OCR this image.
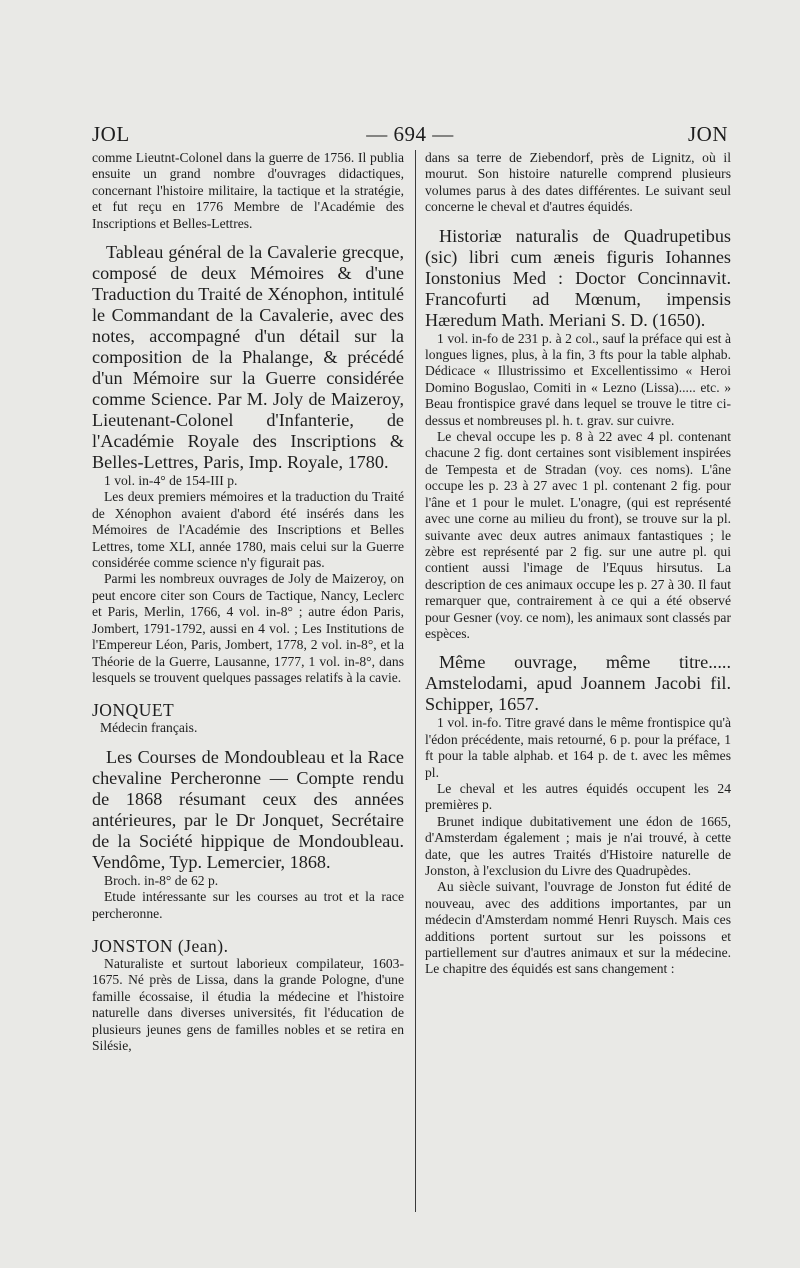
JOL	— 694 —	JON

comme Lieutnt-Colonel dans la guerre de 1756. Il publia ensuite un grand nombre d'ouvrages didactiques, concernant l'histoire militaire, la tactique et la stratégie, et fut reçu en 1776 Membre de l'Académie des Inscriptions et Belles-Lettres.

Tableau général de la Cavalerie grecque, composé de deux Mémoires & d'une Traduction du Traité de Xénophon, intitulé le Commandant de la Cavalerie, avec des notes, accompagné d'un détail sur la composition de la Phalange, & précédé d'un Mémoire sur la Guerre considérée comme Science. Par M. Joly de Maizeroy, Lieutenant-Colonel d'Infanterie, de l'Académie Royale des Inscriptions & Belles-Lettres, Paris, Imp. Royale, 1780.

1 vol. in-4° de 154-III p.

Les deux premiers mémoires et la traduction du Traité de Xénophon avaient d'abord été insérés dans les Mémoires de l'Académie des Inscriptions et Belles Lettres, tome XLI, année 1780, mais celui sur la Guerre considérée comme science n'y figurait pas.

Parmi les nombreux ouvrages de Joly de Maizeroy, on peut encore citer son Cours de Tactique, Nancy, Leclerc et Paris, Merlin, 1766, 4 vol. in-8° ; autre édon Paris, Jombert, 1791-1792, aussi en 4 vol. ; Les Institutions de l'Empereur Léon, Paris, Jombert, 1778, 2 vol. in-8°, et la Théorie de la Guerre, Lausanne, 1777, 1 vol. in-8°, dans lesquels se trouvent quelques passages relatifs à la cavie.

JONQUET

Médecin français.

Les Courses de Mondoubleau et la Race chevaline Percheronne — Compte rendu de 1868 résumant ceux des années antérieures, par le Dr Jonquet, Secrétaire de la Société hippique de Mondoubleau. Vendôme, Typ. Lemercier, 1868.

Broch. in-8° de 62 p.

Etude intéressante sur les courses au trot et la race percheronne.

JONSTON (Jean).

Naturaliste et surtout laborieux compilateur, 1603-1675. Né près de Lissa, dans la grande Pologne, d'une famille écossaise, il étudia la médecine et l'histoire naturelle dans diverses universités, fit l'éducation de plusieurs jeunes gens de familles nobles et se retira en Silésie,

dans sa terre de Ziebendorf, près de Lignitz, où il mourut. Son histoire naturelle comprend plusieurs volumes parus à des dates différentes. Le suivant seul concerne le cheval et d'autres équidés.

Historiæ naturalis de Quadrupetibus (sic) libri cum æneis figuris Iohannes Ionstonius Med : Doctor Concinnavit. Francofurti ad Mœnum, impensis Hæredum Math. Meriani S. D. (1650).

1 vol. in-fo de 231 p. à 2 col., sauf la préface qui est à longues lignes, plus, à la fin, 3 fts pour la table alphab. Dédicace « Illustrissimo et Excellentissimo « Heroi Domino Boguslao, Comiti in « Lezno (Lissa)..... etc. » Beau frontispice gravé dans lequel se trouve le titre ci-dessus et nombreuses pl. h. t. grav. sur cuivre.

Le cheval occupe les p. 8 à 22 avec 4 pl. contenant chacune 2 fig. dont certaines sont visiblement inspirées de Tempesta et de Stradan (voy. ces noms). L'âne occupe les p. 23 à 27 avec 1 pl. contenant 2 fig. pour l'âne et 1 pour le mulet. L'onagre, (qui est représenté avec une corne au milieu du front), se trouve sur la pl. suivante avec deux autres animaux fantastiques ; le zèbre est représenté par 2 fig. sur une autre pl. qui contient aussi l'image de l'Equus hirsutus. La description de ces animaux occupe les p. 27 à 30. Il faut remarquer que, contrairement à ce qui a été observé pour Gesner (voy. ce nom), les animaux sont classés par espèces.

Même ouvrage, même titre..... Amstelodami, apud Joannem Jacobi fil. Schipper, 1657.

1 vol. in-fo. Titre gravé dans le même frontispice qu'à l'édon précédente, mais retourné, 6 p. pour la préface, 1 ft pour la table alphab. et 164 p. de t. avec les mêmes pl.

Le cheval et les autres équidés occupent les 24 premières p.

Brunet indique dubitativement une édon de 1665, d'Amsterdam également ; mais je n'ai trouvé, à cette date, que les autres Traités d'Histoire naturelle de Jonston, à l'exclusion du Livre des Quadrupèdes.

Au siècle suivant, l'ouvrage de Jonston fut édité de nouveau, avec des additions importantes, par un médecin d'Amsterdam nommé Henri Ruysch. Mais ces additions portent surtout sur les poissons et partiellement sur d'autres animaux et sur la médecine. Le chapitre des équidés est sans changement :
